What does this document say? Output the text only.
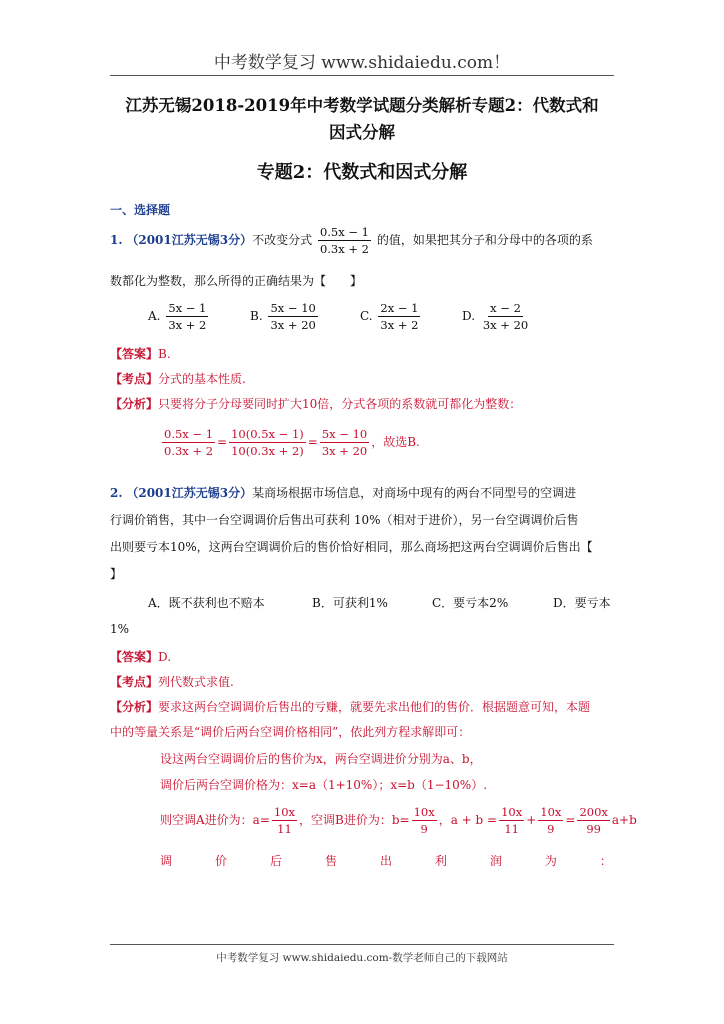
中考数学复习 www.shidaiedu.com！
江苏无锡2018-2019年中考数学试题分类解析专题2：代数式和
因式分解
专题2：代数式和因式分解
一、选择题
1. （2001江苏无锡3分）不改变分式 $\frac{0.5x - 1}{0.3x + 2}$ 的值，如果把其分子和分母中的各项的系
数都化为整数，那么所得的正确结果为【　　】
A. $\frac{5x - 1}{3x + 2}$	B. $\frac{5x - 10}{3x + 20}$	C. $\frac{2x - 1}{3x + 2}$	D. $\frac{x - 2}{3x + 20}$
【答案】B.
【考点】分式的基本性质.
【分析】只要将分子分母要同时扩大10倍，分式各项的系数就可都化为整数：
$\frac{0.5x - 1}{0.3x + 2} = \frac{10(0.5x - 1)}{10(0.3x + 2)} = \frac{5x - 10}{3x + 20}$ ，故选B.
2. （2001江苏无锡3分）某商场根据市场信息，对商场中现有的两台不同型号的空调进
行调价销售，其中一台空调调价后售出可获利 10%（相对于进价），另一台空调调价后售
出则要亏本10%，这两台空调调价后的售价恰好相同，那么商场把这两台空调调价后售出【
】
A．既不获利也不赔本	B．可获利1%	C．要亏本2%	D．要亏本
1%
【答案】D.
【考点】列代数式求值.
【分析】要求这两台空调调价后售出的亏赚，就要先求出他们的售价．根据题意可知，本题
中的等量关系是“调价后两台空调价格相同”，依此列方程求解即可：
设这两台空调调价后的售价为x，两台空调进价分别为a、b，
调价后两台空调价格为：x=a（1+10%）；x=b（1−10%）.
则空调A进价为：$a= \frac{10x}{11}$ ，空调B进价为：$b= \frac{10x}{9}$ ，$a + b = \frac{10x}{11} + \frac{10x}{9} = \frac{200x}{99} a+b$
调	价	后	售	出	利	润	为	：
中考数学复习 www.shidaiedu.com-数学老师自己的下载网站
